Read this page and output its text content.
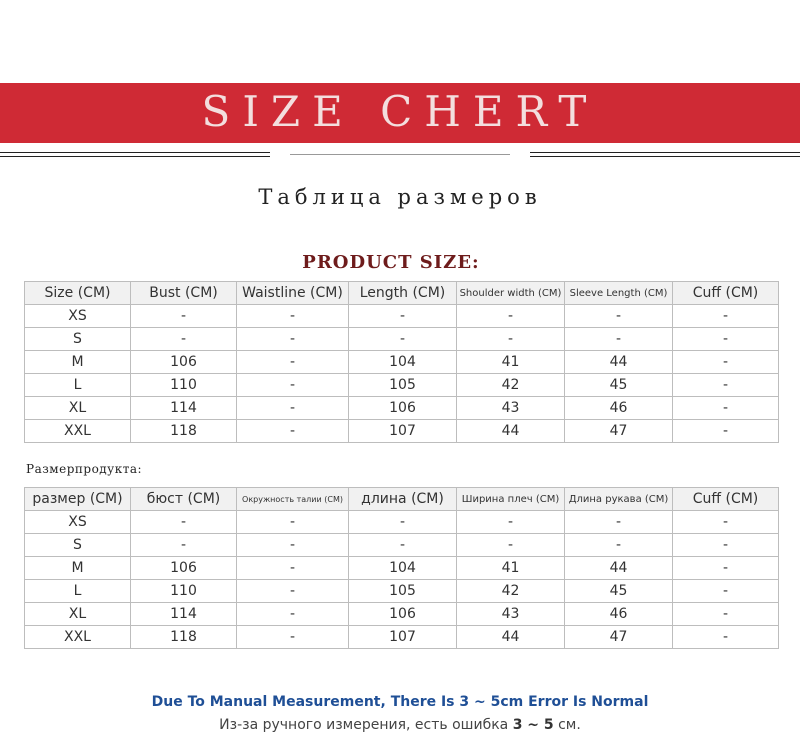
SIZE CHERT
Таблица размеров
PRODUCT SIZE:
Size (CM)	Bust (CM)	Waistline (CM)	Length (CM)	Shoulder width (CM)	Sleeve Length (CM)	Cuff (CM)
XS	-	-	-	-	-	-
S	-	-	-	-	-	-
M	106	-	104	41	44	-
L	110	-	105	42	45	-
XL	114	-	106	43	46	-
XXL	118	-	107	44	47	-
Размерпродукта:
размер (CM)	бюст (CM)	Окружность талии (CM)	длина (CM)	Ширина плеч (CM)	Длина рукава (CM)	Cuff (CM)
XS	-	-	-	-	-	-
S	-	-	-	-	-	-
M	106	-	104	41	44	-
L	110	-	105	42	45	-
XL	114	-	106	43	46	-
XXL	118	-	107	44	47	-
Due To Manual Measurement, There Is 3 ~ 5cm Error Is Normal
Из-за ручного измерения, есть ошибка 3 ~ 5 см.
